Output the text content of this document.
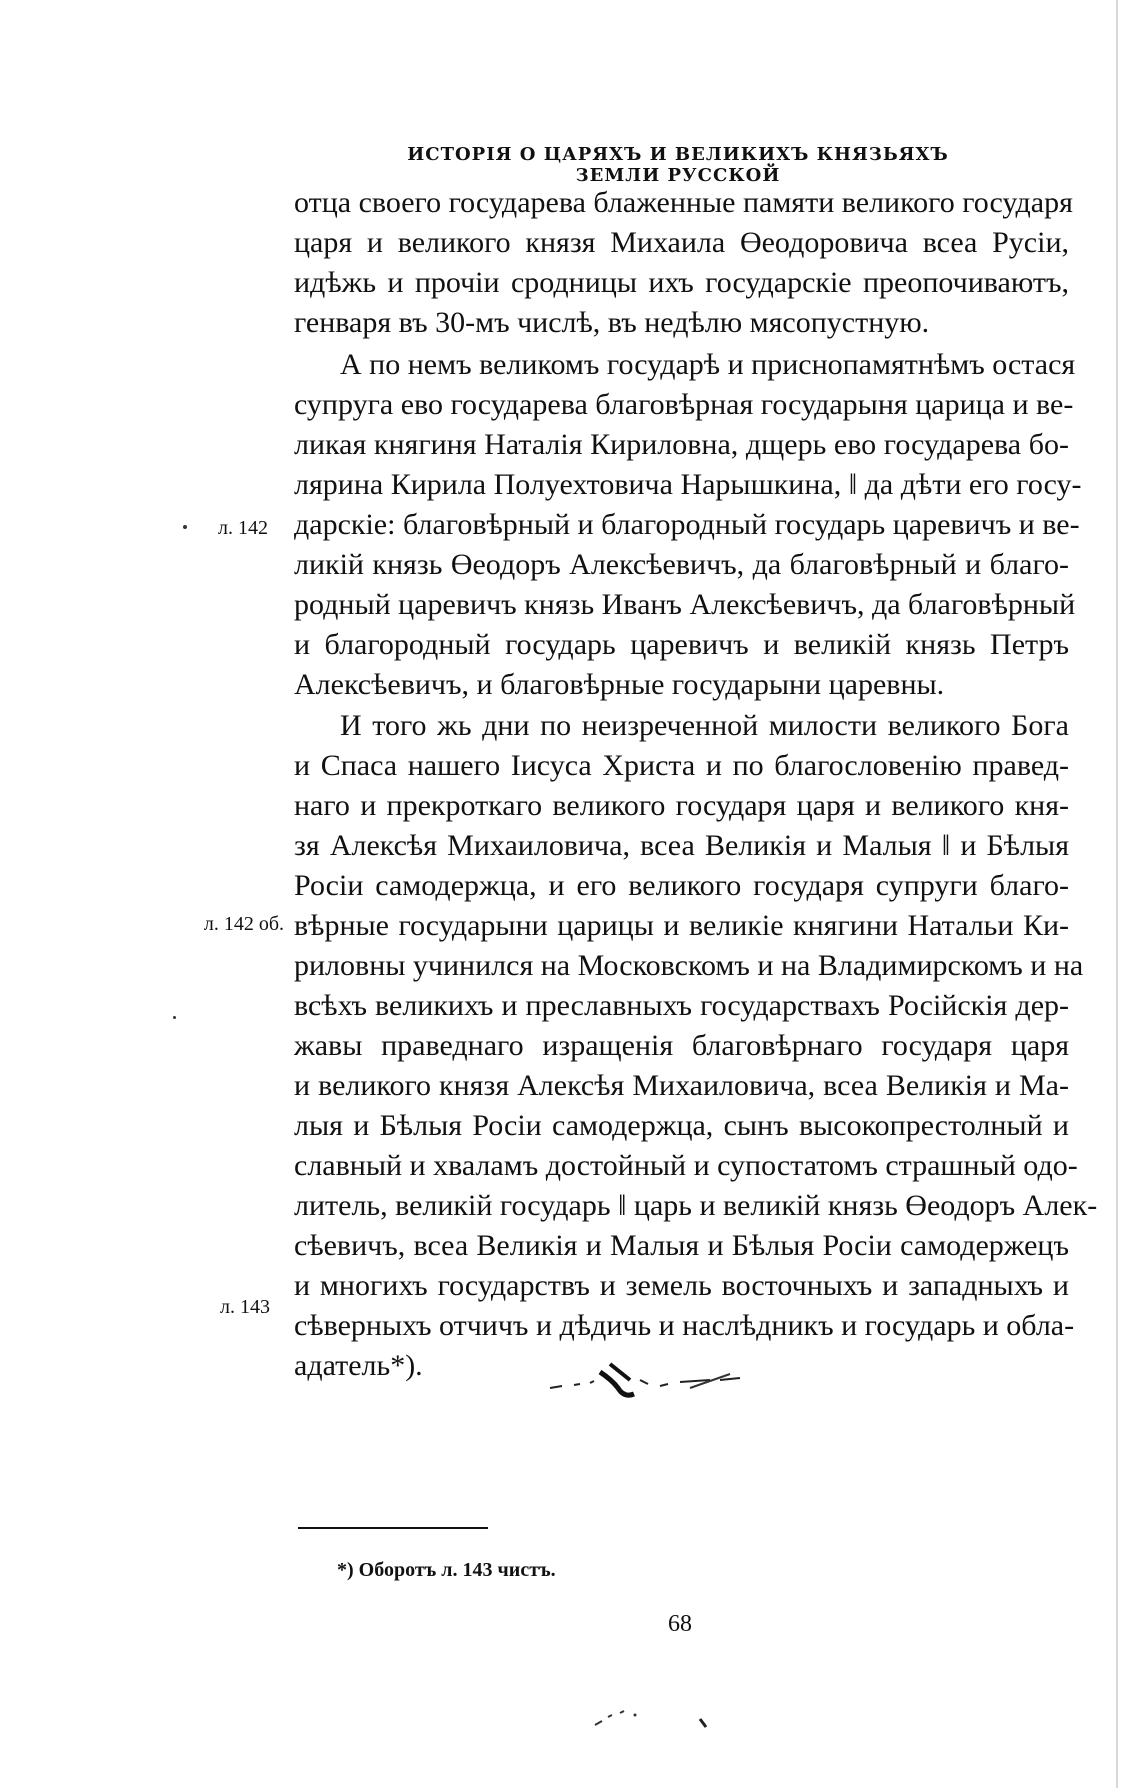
ИСТОРІЯ О ЦАРЯХЪ И ВЕЛИКИХЪ КНЯЗЬЯХЪ ЗЕМЛИ РУССКОЙ
отца своего государева блаженные памяти великого государя
царя и великого князя Михаила Өеодоровича всеа Русіи,
идѣжь и прочіи сродницы ихъ государскіе преопочиваютъ,
генваря въ 30-мъ числѣ, въ недѣлю мясопустную.
А по немъ великомъ государѣ и приснопамятнѣмъ остася
супруга ево государева благовѣрная государыня царица и ве-
ликая княгиня Наталія Кириловна, дщерь ево государева бо-
лярина Кирила Полуехтовича Нарышкина, ‖ да дѣти его госу-
дарскіе: благовѣрный и благородный государь царевичъ и ве-
ликій князь Өеодоръ Алексѣевичъ, да благовѣрный и благо-
родный царевичъ князь Иванъ Алексѣевичъ, да благовѣрный
и благородный государь царевичъ и великій князь Петръ
Алексѣевичъ, и благовѣрные государыни царевны.
И того жь дни по неизреченной милости великого Бога
и Спаса нашего Іисуса Христа и по благословенію правед-
наго и прекроткаго великого государя царя и великого кня-
зя Алексѣя Михаиловича, всеа Великія и Малыя ‖ и Бѣлыя
Росіи самодержца, и его великого государя супруги благо-
вѣрные государыни царицы и великіе княгини Натальи Ки-
риловны учинился на Московскомъ и на Владимирскомъ и на
всѣхъ великихъ и преславныхъ государствахъ Російскія дер-
жавы праведнаго изращенія благовѣрнаго государя царя
и великого князя Алексѣя Михаиловича, всеа Великія и Ма-
лыя и Бѣлыя Росіи самодержца, сынъ высокопрестолный и
славный и хваламъ достойный и супостатомъ страшный одо-
литель, великій государь ‖ царь и великій князь Өеодоръ Алек-
сѣевичъ, всеа Великія и Малыя и Бѣлыя Росіи самодержецъ
и многихъ государствъ и земель восточныхъ и западныхъ и
сѣверныхъ отчичъ и дѣдичь и наслѣдникъ и государь и обла-
адатель*).
л. 142
л. 142 об.
л. 143
*) Оборотъ л. 143 чистъ.
68
